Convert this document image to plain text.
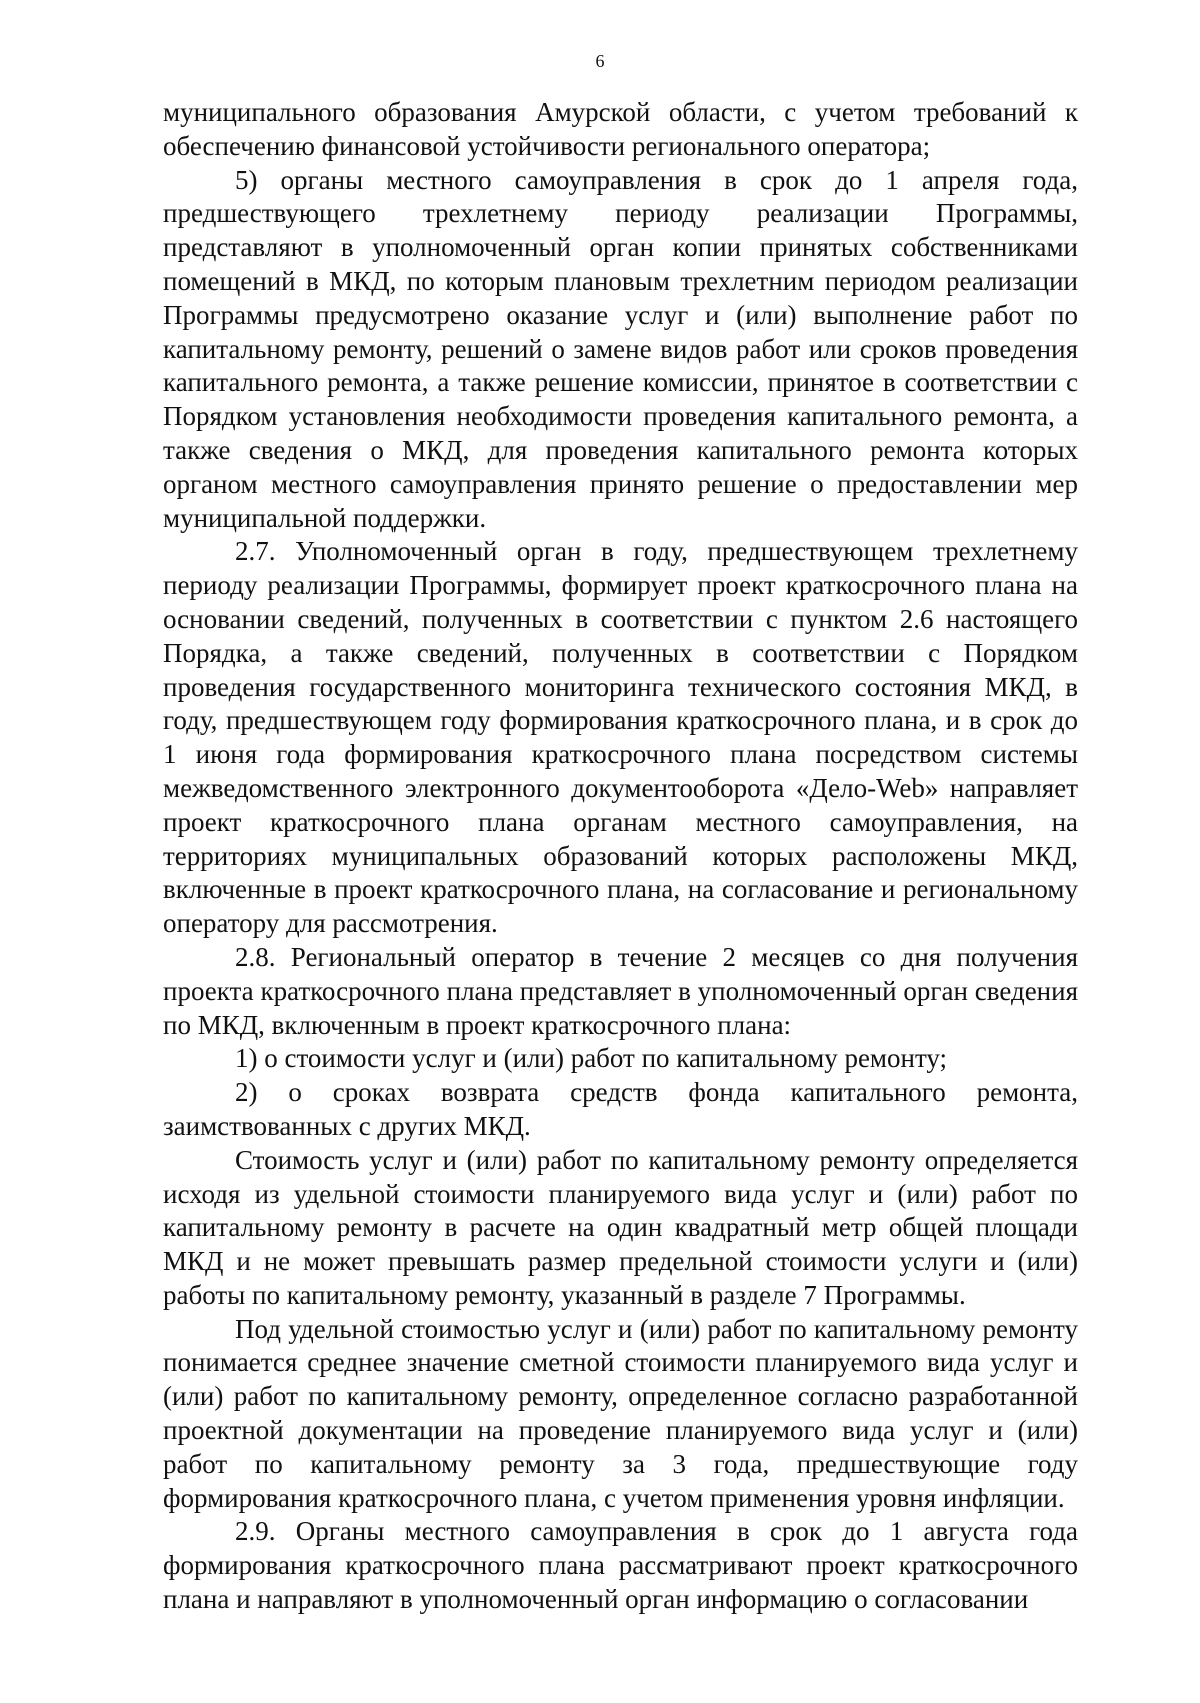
6

муниципального образования Амурской области, с учетом требований к обеспечению финансовой устойчивости регионального оператора;

5) органы местного самоуправления в срок до 1 апреля года, предшествующего трехлетнему периоду реализации Программы, представляют в уполномоченный орган копии принятых собственниками помещений в МКД, по которым плановым трехлетним периодом реализации Программы предусмотрено оказание услуг и (или) выполнение работ по капитальному ремонту, решений о замене видов работ или сроков проведения капитального ремонта, а также решение комиссии, принятое в соответствии с Порядком установления необходимости проведения капитального ремонта, а также сведения о МКД, для проведения капитального ремонта которых органом местного самоуправления принято решение о предоставлении мер муниципальной поддержки.

2.7. Уполномоченный орган в году, предшествующем трехлетнему периоду реализации Программы, формирует проект краткосрочного плана на основании сведений, полученных в соответствии с пунктом 2.6 настоящего Порядка, а также сведений, полученных в соответствии с Порядком проведения государственного мониторинга технического состояния МКД, в году, предшествующем году формирования краткосрочного плана, и в срок до 1 июня года формирования краткосрочного плана посредством системы межведомственного электронного документооборота «Дело-Web» направляет проект краткосрочного плана органам местного самоуправления, на территориях муниципальных образований которых расположены МКД, включенные в проект краткосрочного плана, на согласование и региональному оператору для рассмотрения.

2.8. Региональный оператор в течение 2 месяцев со дня получения проекта краткосрочного плана представляет в уполномоченный орган сведения по МКД, включенным в проект краткосрочного плана:

1) о стоимости услуг и (или) работ по капитальному ремонту;

2) о сроках возврата средств фонда капитального ремонта, заимствованных с других МКД.

Стоимость услуг и (или) работ по капитальному ремонту определяется исходя из удельной стоимости планируемого вида услуг и (или) работ по капитальному ремонту в расчете на один квадратный метр общей площади МКД и не может превышать размер предельной стоимости услуги и (или) работы по капитальному ремонту, указанный в разделе 7 Программы.

Под удельной стоимостью услуг и (или) работ по капитальному ремонту понимается среднее значение сметной стоимости планируемого вида услуг и (или) работ по капитальному ремонту, определенное согласно разработанной проектной документации на проведение планируемого вида услуг и (или) работ по капитальному ремонту за 3 года, предшествующие году формирования краткосрочного плана, с учетом применения уровня инфляции.

2.9. Органы местного самоуправления в срок до 1 августа года формирования краткосрочного плана рассматривают проект краткосрочного плана и направляют в уполномоченный орган информацию о согласовании
